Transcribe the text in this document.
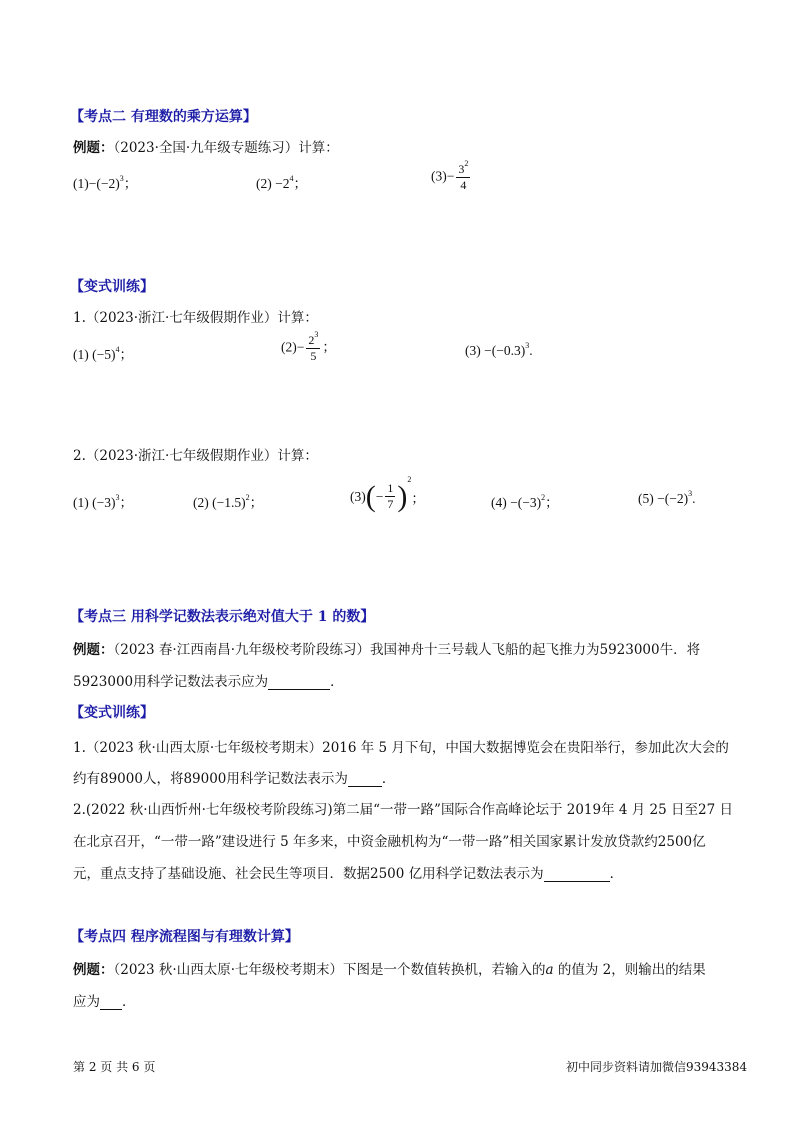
【考点二 有理数的乘方运算】
例题：（2023·全国·九年级专题练习）计算：
$(1)-(-2)^3$；	$(2) -2^4$；	$(3)- \frac{3^2}{4}$
【变式训练】
1.（2023·浙江·七年级假期作业）计算：
(1) $(-5)^4$；	$(2)- \frac{2^3}{5}$ ；	$(3) -(-0.3)^3$.
2.（2023·浙江·七年级假期作业）计算：
(1) $(-3)^3$；	(2) $(-1.5)^2$；	$(3)(- \frac{1}{7} )^2$；	$(4) -(-3)^2$；	$(5) -(-2)^3$.
【考点三 用科学记数法表示绝对值大于 1 的数】
例题：（2023 春·江西南昌·九年级校考阶段练习）我国神舟十三号载人飞船的起飞推力为5923000牛．将
5923000用科学记数法表示应为	．
【变式训练】
1.（2023 秋·山西太原·七年级校考期末）2016 年 5 月下旬，中国大数据博览会在贵阳举行，参加此次大会的
约有89000人，将89000用科学记数法表示为	．
2.(2022 秋·山西忻州·七年级校考阶段练习)第二届“一带一路”国际合作高峰论坛于 2019年 4 月 25 日至27 日
在北京召开，“一带一路”建设进行 5 年多来，中资金融机构为“一带一路”相关国家累计发放贷款约2500亿
元，重点支持了基础设施、社会民生等项目．数据2500 亿用科学记数法表示为	．
【考点四 程序流程图与有理数计算】
例题：（2023 秋·山西太原·七年级校考期末）下图是一个数值转换机，若输入的a 的值为 2，则输出的结果
应为 ．
第 2 页 共 6 页	初中同步资料请加微信93943384
